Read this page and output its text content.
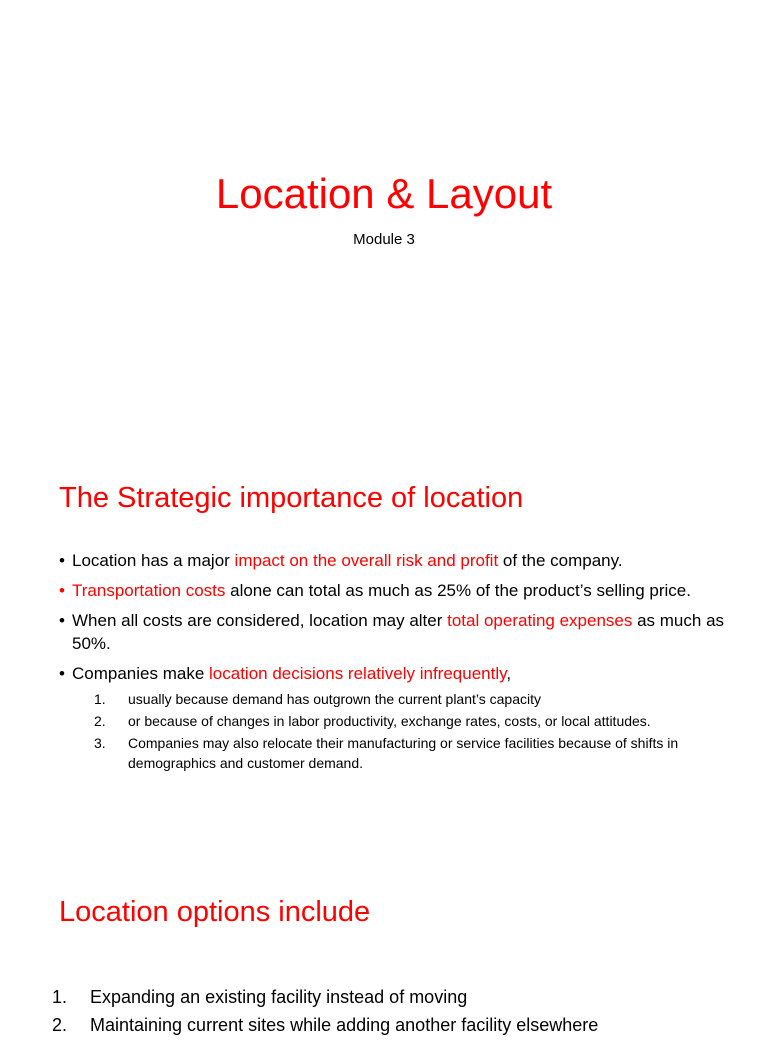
Location & Layout

Module 3

The Strategic importance of location
• Location has a major impact on the overall risk and profit of the company.
• Transportation costs alone can total as much as 25% of the product’s selling price.
• When all costs are considered, location may alter total operating expenses as much as 50%.
• Companies make location decisions relatively infrequently,
1. usually because demand has outgrown the current plant’s capacity
2. or because of changes in labor productivity, exchange rates, costs, or local attitudes.
3. Companies may also relocate their manufacturing or service facilities because of shifts in demographics and customer demand.
Location options include
1. Expanding an existing facility instead of moving
2. Maintaining current sites while adding another facility elsewhere
